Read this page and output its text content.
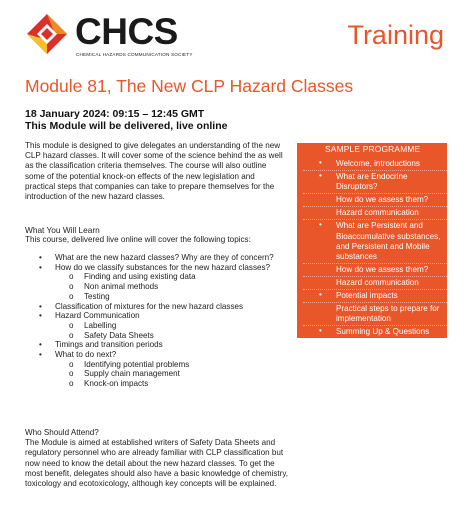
CHCS
CHEMICAL HAZARDS COMMUNICATION SOCIETY
Training
Module 81, The New CLP Hazard Classes
18 January 2024: 09:15 – 12:45 GMT
This Module will be delivered, live online
This module is designed to give delegates an understanding of the new CLP hazard classes. It will cover some of the science behind the as well as the classification criteria themselves. The course will also outline some of the potential knock-on effects of the new legislation and practical steps that companies can take to prepare themselves for the introduction of the new hazard classes.
What You Will Learn
This course, delivered live online will cover the following topics:
• What are the new hazard classes? Why are they of concern?
• How do we classify substances for the new hazard classes?
o Finding and using existing data
o Non animal methods
o Testing
• Classification of mixtures for the new hazard classes
• Hazard Communication
o Labelling
o Safety Data Sheets
• Timings and transition periods
• What to do next?
o Identifying potential problems
o Supply chain management
o Knock-on impacts
Who Should Attend?
The Module is aimed at established writers of Safety Data Sheets and regulatory personnel who are already familiar with CLP classification but now need to know the detail about the new hazard classes. To get the most benefit, delegates should also have a basic knowledge of chemistry, toxicology and ecotoxicology, although key concepts will be explained.
SAMPLE PROGRAMME
• Welcome, introductions
• What are Endocrine Disruptors?
How do we assess them?
Hazard communication
• What are Persistent and Bioaccumulative substances, and Persistent and Mobile substances
How do we assess them?
Hazard communication
• Potential impacts
Practical steps to prepare for implementation
• Summing Up & Questions
